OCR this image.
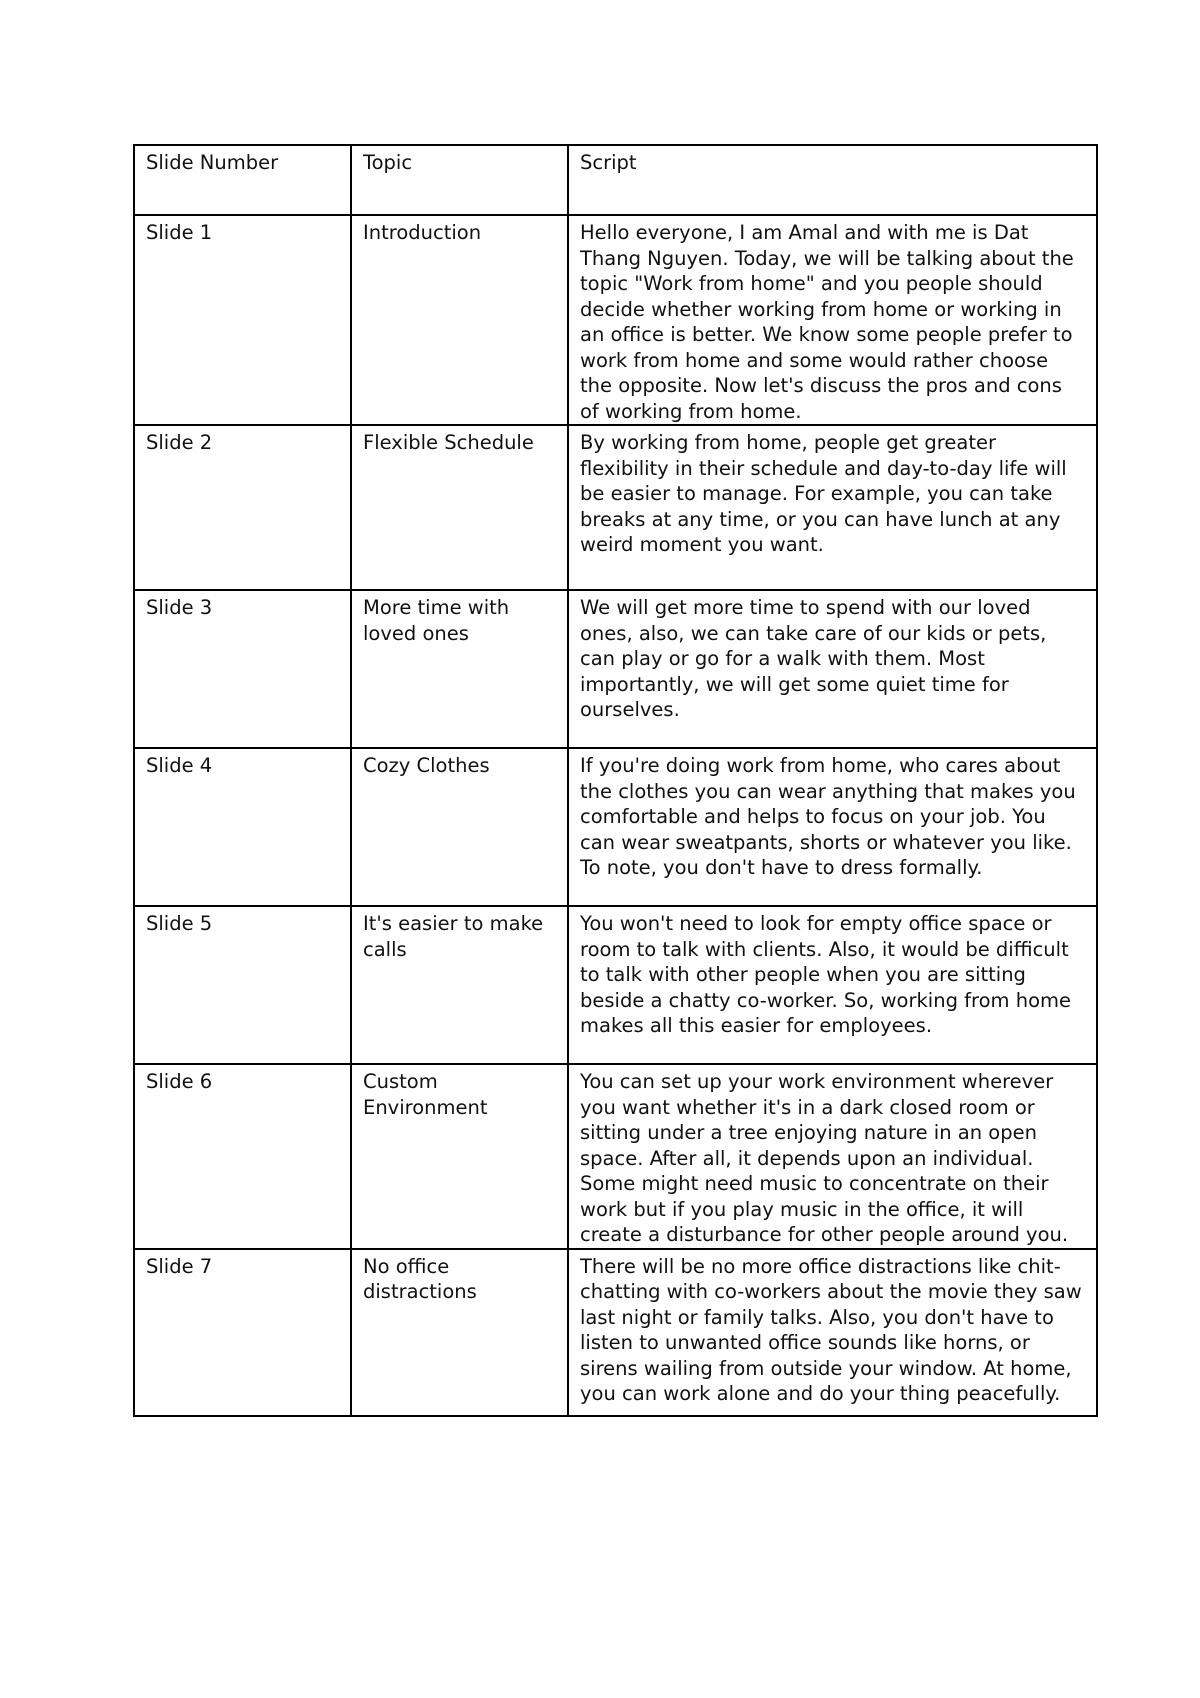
Slide Number	Topic	Script
Slide 1	Introduction	Hello everyone, I am Amal and with me is Dat Thang Nguyen. Today, we will be talking about the topic "Work from home" and you people should decide whether working from home or working in an office is better. We know some people prefer to work from home and some would rather choose the opposite. Now let's discuss the pros and cons of working from home.
Slide 2	Flexible Schedule	By working from home, people get greater flexibility in their schedule and day-to-day life will be easier to manage. For example, you can take breaks at any time, or you can have lunch at any weird moment you want.
Slide 3	More time with loved ones	We will get more time to spend with our loved ones, also, we can take care of our kids or pets, can play or go for a walk with them. Most importantly, we will get some quiet time for ourselves.
Slide 4	Cozy Clothes	If you're doing work from home, who cares about the clothes you can wear anything that makes you comfortable and helps to focus on your job. You can wear sweatpants, shorts or whatever you like. To note, you don't have to dress formally.
Slide 5	It's easier to make calls	You won't need to look for empty office space or room to talk with clients. Also, it would be difficult to talk with other people when you are sitting beside a chatty co-worker. So, working from home makes all this easier for employees.
Slide 6	Custom Environment	You can set up your work environment wherever you want whether it's in a dark closed room or sitting under a tree enjoying nature in an open space. After all, it depends upon an individual. Some might need music to concentrate on their work but if you play music in the office, it will create a disturbance for other people around you.
Slide 7	No office distractions	There will be no more office distractions like chit-chatting with co-workers about the movie they saw last night or family talks. Also, you don't have to listen to unwanted office sounds like horns, or sirens wailing from outside your window. At home, you can work alone and do your thing peacefully.
